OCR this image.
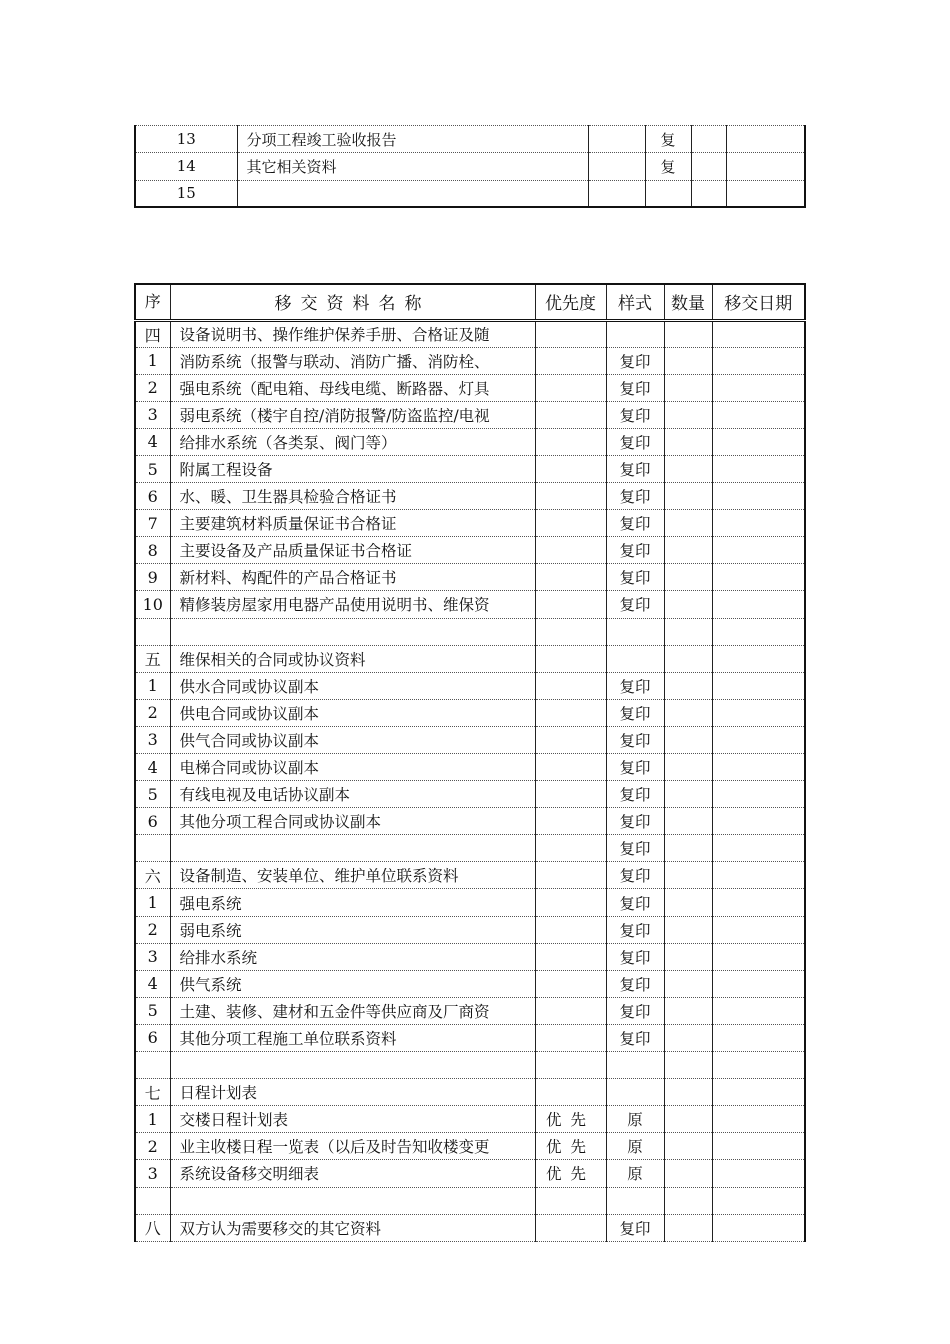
13	分项工程竣工验收报告		复		
14	其它相关资料		复		
15					
序	移交资料名称	优先度	样式	数量	移交日期
四	设备说明书、操作维护保养手册、合格证及随				
1	消防系统（报警与联动、消防广播、消防栓、		复印		
2	强电系统（配电箱、母线电缆、断路器、灯具		复印		
3	弱电系统（楼宇自控/消防报警/防盗监控/电视		复印		
4	给排水系统（各类泵、阀门等）		复印		
5	附属工程设备		复印		
6	水、暖、卫生器具检验合格证书		复印		
7	主要建筑材料质量保证书合格证		复印		
8	主要设备及产品质量保证书合格证		复印		
9	新材料、构配件的产品合格证书		复印		
10	精修装房屋家用电器产品使用说明书、维保资		复印		

五	维保相关的合同或协议资料				
1	供水合同或协议副本		复印		
2	供电合同或协议副本		复印		
3	供气合同或协议副本		复印		
4	电梯合同或协议副本		复印		
5	有线电视及电话协议副本		复印		
6	其他分项工程合同或协议副本		复印		
			复印		
六	设备制造、安装单位、维护单位联系资料		复印		
1	强电系统		复印		
2	弱电系统		复印		
3	给排水系统		复印		
4	供气系统		复印		
5	土建、装修、建材和五金件等供应商及厂商资		复印		
6	其他分项工程施工单位联系资料		复印		

七	日程计划表				
1	交楼日程计划表	优先	原		
2	业主收楼日程一览表（以后及时告知收楼变更	优先	原		
3	系统设备移交明细表	优先	原		

八	双方认为需要移交的其它资料		复印		
